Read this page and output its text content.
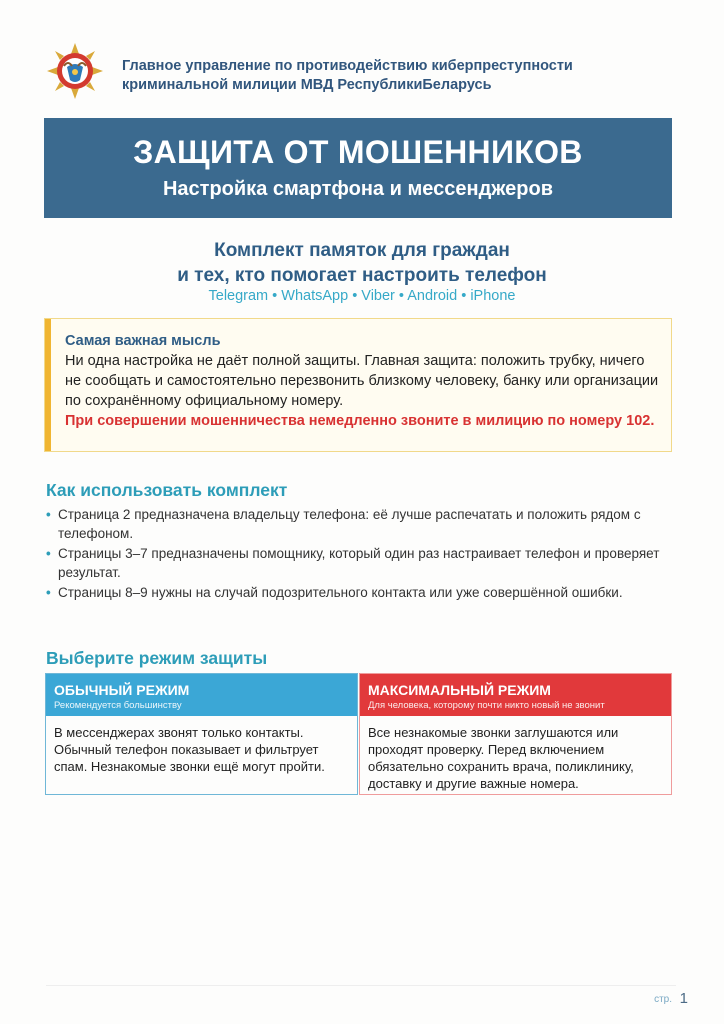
Главное управление по противодействию киберпреступности
криминальной милиции МВД РеспубликиБеларусь
ЗАЩИТА ОТ МОШЕННИКОВ
Настройка смартфона и мессенджеров
Комплект памяток для граждан
и тех, кто помогает настроить телефон
Telegram • WhatsApp • Viber • Android • iPhone
Самая важная мысль
Ни одна настройка не даёт полной защиты. Главная защита: положить трубку, ничего не сообщать и самостоятельно перезвонить близкому человеку, банку или организации по сохранённому официальному номеру.
При совершении мошенничества немедленно звоните в милицию по номеру 102.
Как использовать комплект
• Страница 2 предназначена владельцу телефона: её лучше распечатать и положить рядом с телефоном.
• Страницы 3–7 предназначены помощнику, который один раз настраивает телефон и проверяет результат.
• Страницы 8–9 нужны на случай подозрительного контакта или уже совершённой ошибки.
Выберите режим защиты
ОБЫЧНЫЙ РЕЖИМ
Рекомендуется большинству
В мессенджерах звонят только контакты. Обычный телефон показывает и фильтрует спам. Незнакомые звонки ещё могут пройти.
МАКСИМАЛЬНЫЙ РЕЖИМ
Для человека, которому почти никто новый не звонит
Все незнакомые звонки заглушаются или проходят проверку. Перед включением обязательно сохранить врача, поликлинику, доставку и другие важные номера.
стр. 1
